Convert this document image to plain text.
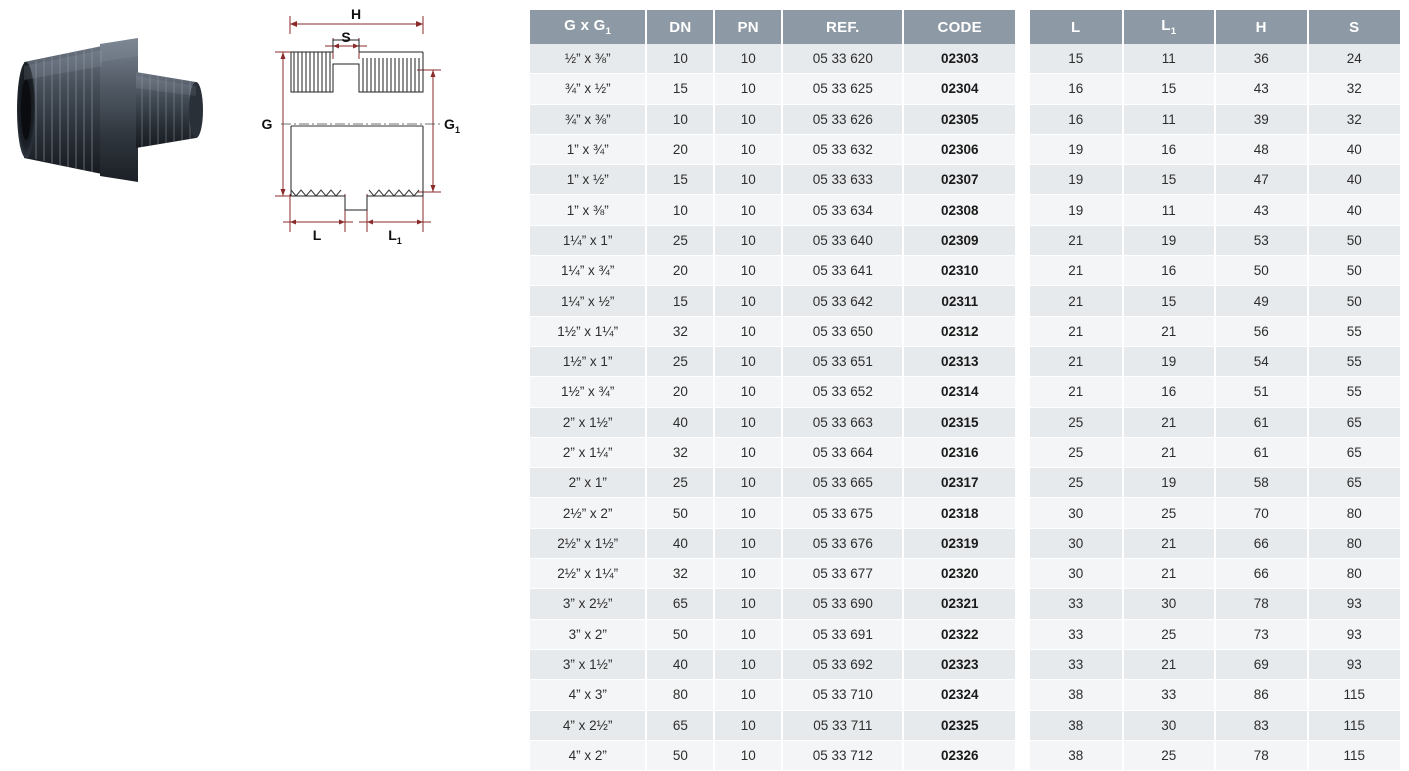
H
S
G	$G_1$
L	$L_1$
G x $G_1$	DN	PN	REF.	CODE
½” x ⅜”	10	10	05 33 620	02303
¾” x ½”	15	10	05 33 625	02304
¾” x ⅜”	10	10	05 33 626	02305
1” x ¾”	20	10	05 33 632	02306
1” x ½”	15	10	05 33 633	02307
1” x ⅜”	10	10	05 33 634	02308
1¼” x 1”	25	10	05 33 640	02309
1¼” x ¾”	20	10	05 33 641	02310
1¼” x ½”	15	10	05 33 642	02311
1½” x 1¼”	32	10	05 33 650	02312
1½” x 1”	25	10	05 33 651	02313
1½” x ¾”	20	10	05 33 652	02314
2” x 1½”	40	10	05 33 663	02315
2” x 1¼”	32	10	05 33 664	02316
2” x 1”	25	10	05 33 665	02317
2½” x 2”	50	10	05 33 675	02318
2½” x 1½”	40	10	05 33 676	02319
2½” x 1¼”	32	10	05 33 677	02320
3” x 2½”	65	10	05 33 690	02321
3” x 2”	50	10	05 33 691	02322
3” x 1½”	40	10	05 33 692	02323
4” x 3”	80	10	05 33 710	02324
4” x 2½”	65	10	05 33 711	02325
4” x 2”	50	10	05 33 712	02326
L	$L_1$	H	S
15	11	36	24
16	15	43	32
16	11	39	32
19	16	48	40
19	15	47	40
19	11	43	40
21	19	53	50
21	16	50	50
21	15	49	50
21	21	56	55
21	19	54	55
21	16	51	55
25	21	61	65
25	21	61	65
25	19	58	65
30	25	70	80
30	21	66	80
30	21	66	80
33	30	78	93
33	25	73	93
33	21	69	93
38	33	86	115
38	30	83	115
38	25	78	115
